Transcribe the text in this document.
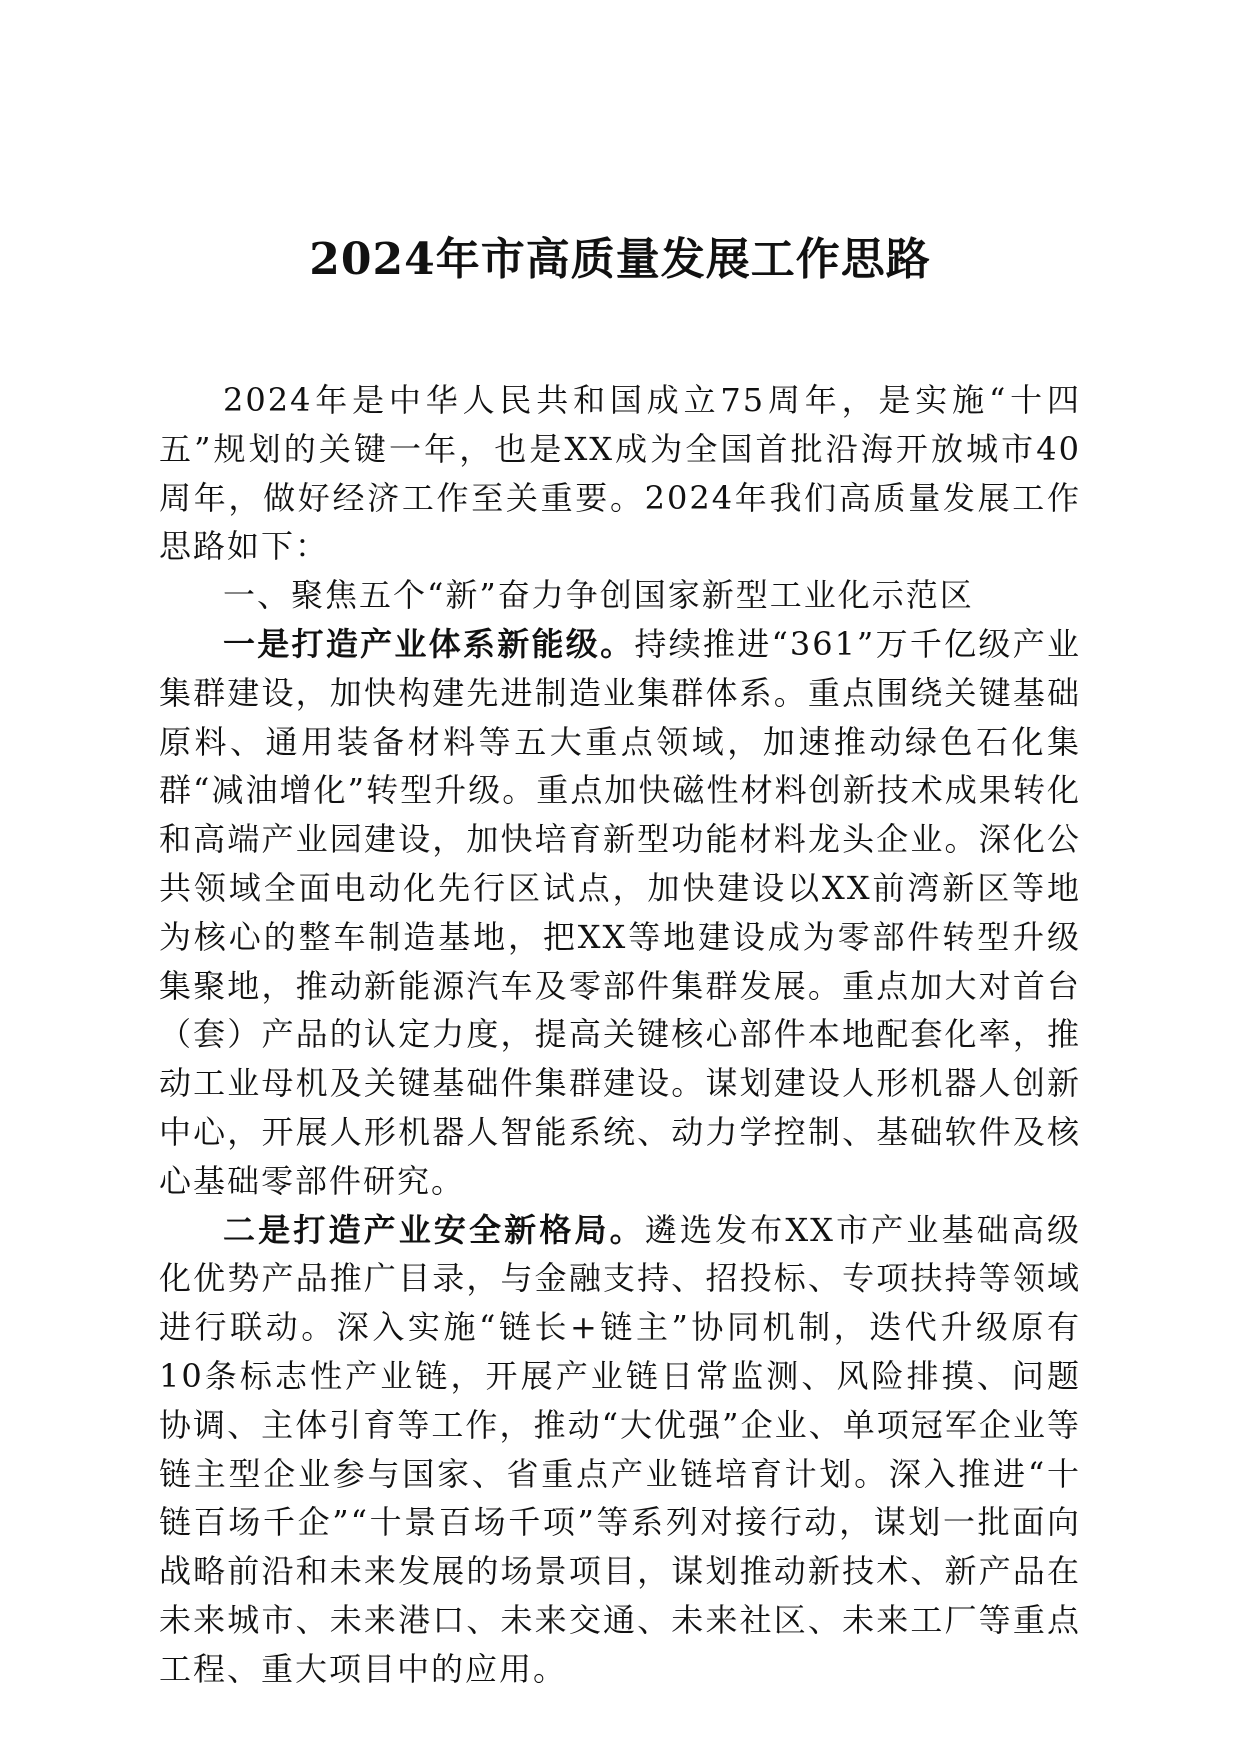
2024年市高质量发展工作思路

2024年是中华人民共和国成立75周年，是实施“十四五”规划的关键一年，也是XX成为全国首批沿海开放城市40周年，做好经济工作至关重要。2024年我们高质量发展工作思路如下：

一、聚焦五个“新”奋力争创国家新型工业化示范区

一是打造产业体系新能级。持续推进“361”万千亿级产业集群建设，加快构建先进制造业集群体系。重点围绕关键基础原料、通用装备材料等五大重点领域，加速推动绿色石化集群“减油增化”转型升级。重点加快磁性材料创新技术成果转化和高端产业园建设，加快培育新型功能材料龙头企业。深化公共领域全面电动化先行区试点，加快建设以XX前湾新区等地为核心的整车制造基地，把XX等地建设成为零部件转型升级集聚地，推动新能源汽车及零部件集群发展。重点加大对首台（套）产品的认定力度，提高关键核心部件本地配套化率，推动工业母机及关键基础件集群建设。谋划建设人形机器人创新中心，开展人形机器人智能系统、动力学控制、基础软件及核心基础零部件研究。

二是打造产业安全新格局。遴选发布XX市产业基础高级化优势产品推广目录，与金融支持、招投标、专项扶持等领域进行联动。深入实施“链长+链主”协同机制，迭代升级原有10条标志性产业链，开展产业链日常监测、风险排摸、问题协调、主体引育等工作，推动“大优强”企业、单项冠军企业等链主型企业参与国家、省重点产业链培育计划。深入推进“十链百场千企”“十景百场千项”等系列对接行动，谋划一批面向战略前沿和未来发展的场景项目，谋划推动新技术、新产品在未来城市、未来港口、未来交通、未来社区、未来工厂等重点工程、重大项目中的应用。
